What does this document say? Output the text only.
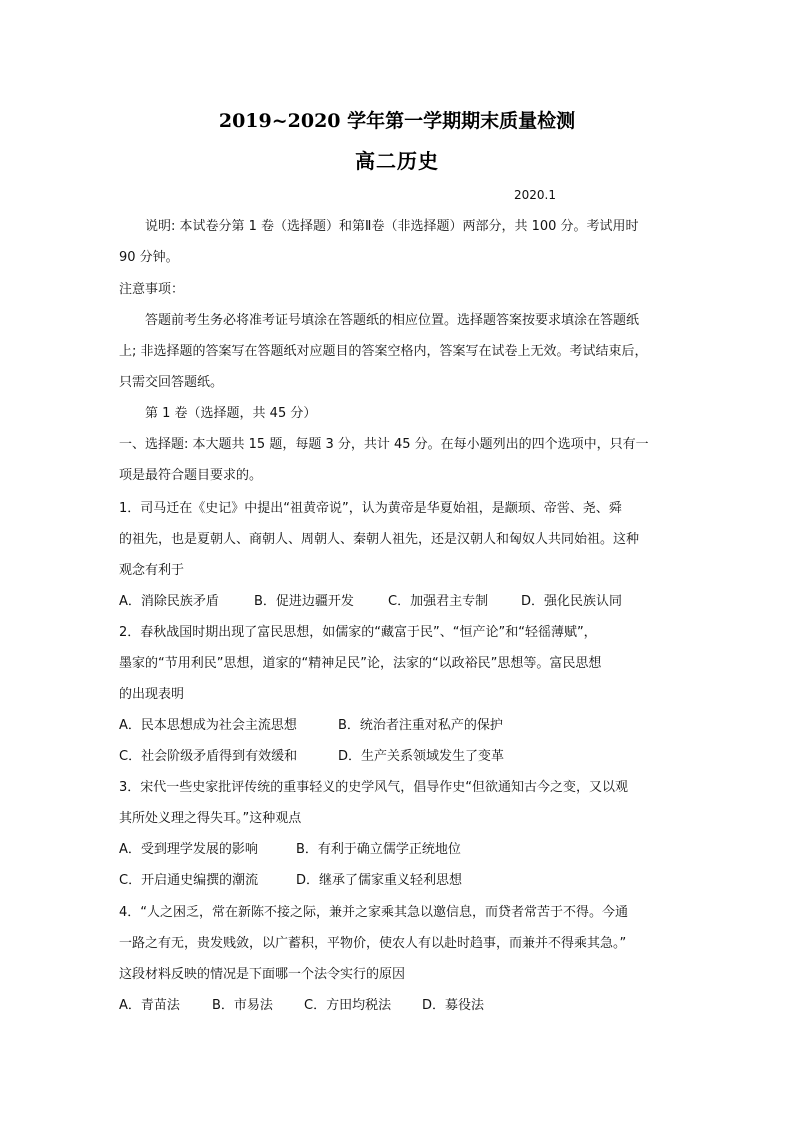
2019~2020 学年第一学期期末质量检测
高二历史
2020.1
说明: 本试卷分第 1 卷（选择题）和第Ⅱ卷（非选择题）两部分，共 100 分。考试用时
90 分钟。
注意事项：
答题前考生务必将准考证号填涂在答题纸的相应位置。选择题答案按要求填涂在答题纸
上; 非选择题的答案写在答题纸对应题目的答案空格内，答案写在试卷上无效。考试结束后，
只需交回答题纸。
第 1 卷（选择题，共 45 分）
一、选择题: 本大题共 15 题，每题 3 分，共计 45 分。在每小题列出的四个选项中，只有一
项是最符合题目要求的。
1．司马迁在《史记》中提出“祖黄帝说”，认为黄帝是华夏始祖，是颛顼、帝喾、尧、舜
的祖先，也是夏朝人、商朝人、周朝人、秦朝人祖先，还是汉朝人和匈奴人共同始祖。这种
观念有利于
A．消除民族矛盾	B．促进边疆开发	C．加强君主专制	D．强化民族认同
2．春秋战国时期出现了富民思想，如儒家的“藏富于民”、“恒产论”和“轻徭薄赋”，
墨家的“节用利民”思想，道家的“精神足民”论，法家的“以政裕民”思想等。富民思想
的出现表明
A．民本思想成为社会主流思想	B．统治者注重对私产的保护
C．社会阶级矛盾得到有效缓和	D．生产关系领域发生了变革
3．宋代一些史家批评传统的重事轻义的史学风气，倡导作史“但欲通知古今之变，又以观
其所处义理之得失耳。”这种观点
A．受到理学发展的影响	B．有利于确立儒学正统地位
C．开启通史编撰的潮流	D．继承了儒家重义轻利思想
4．“人之困乏，常在新陈不接之际，兼并之家乘其急以邀信息，而贷者常苦于不得。今通
一路之有无，贵发贱敛，以广蓄积，平物价，使农人有以赴时趋事，而兼并不得乘其急。”
这段材料反映的情况是下面哪一个法令实行的原因
A．青苗法 B．市易法 C．方田均税法 D．募役法
